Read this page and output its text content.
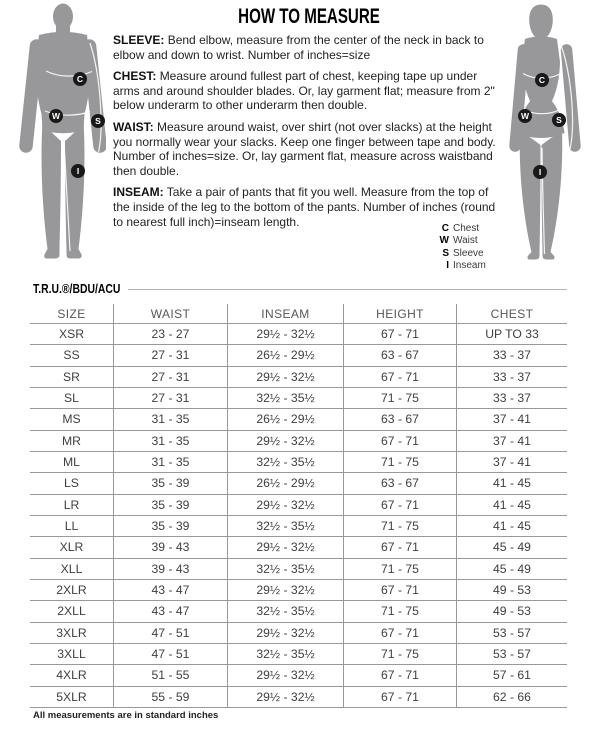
C
W	S
I
C
W	S
I
HOW TO MEASURE

SLEEVE: Bend elbow, measure from the center of the neck in back to elbow and down to wrist. Number of inches=size

CHEST: Measure around fullest part of chest, keeping tape up under arms and around shoulder blades. Or, lay garment flat; measure from 2" below underarm to other underarm then double.

WAIST: Measure around waist, over shirt (not over slacks) at the height you normally wear your slacks. Keep one finger between tape and body. Number of inches=size. Or, lay garment flat, measure across waistband then double.

INSEAM: Take a pair of pants that fit you well. Measure from the top of the inside of the leg to the bottom of the pants. Number of inches (round to nearest full inch)=inseam length.	C Chest
W Waist
S Sleeve
I Inseam
T.R.U.®/BDU/ACU
SIZE	WAIST	INSEAM	HEIGHT	CHEST
XSR	23 - 27	29½ - 32½	67 - 71	UP TO 33
SS	27 - 31	26½ - 29½	63 - 67	33 - 37
SR	27 - 31	29½ - 32½	67 - 71	33 - 37
SL	27 - 31	32½ - 35½	71 - 75	33 - 37
MS	31 - 35	26½ - 29½	63 - 67	37 - 41
MR	31 - 35	29½ - 32½	67 - 71	37 - 41
ML	31 - 35	32½ - 35½	71 - 75	37 - 41
LS	35 - 39	26½ - 29½	63 - 67	41 - 45
LR	35 - 39	29½ - 32½	67 - 71	41 - 45
LL	35 - 39	32½ - 35½	71 - 75	41 - 45
XLR	39 - 43	29½ - 32½	67 - 71	45 - 49
XLL	39 - 43	32½ - 35½	71 - 75	45 - 49
2XLR	43 - 47	29½ - 32½	67 - 71	49 - 53
2XLL	43 - 47	32½ - 35½	71 - 75	49 - 53
3XLR	47 - 51	29½ - 32½	67 - 71	53 - 57
3XLL	47 - 51	32½ - 35½	71 - 75	53 - 57
4XLR	51 - 55	29½ - 32½	67 - 71	57 - 61
5XLR	55 - 59	29½ - 32½	67 - 71	62 - 66
All measurements are in standard inches
